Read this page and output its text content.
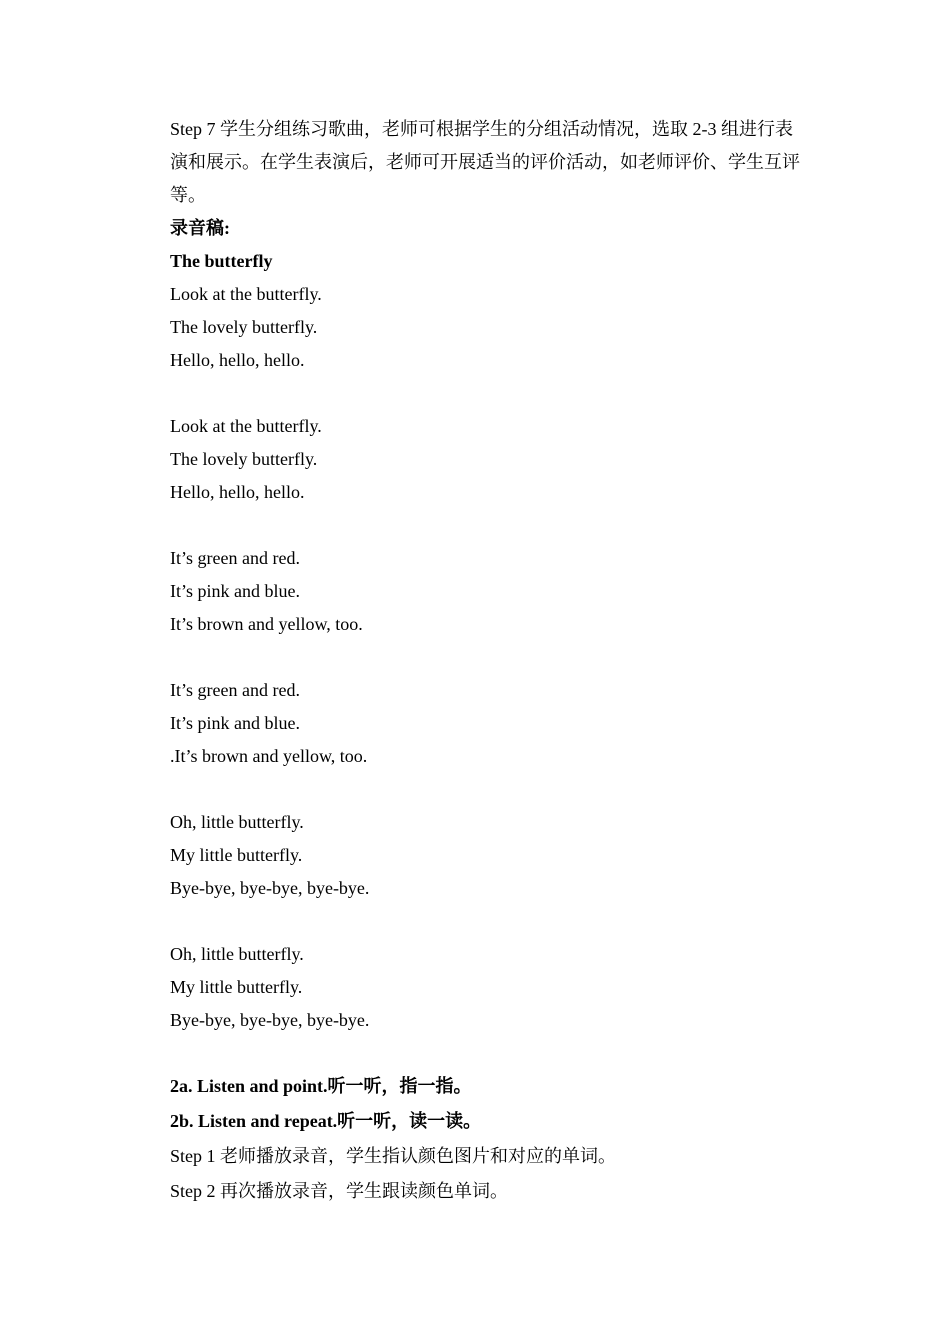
Step 7 学生分组练习歌曲，老师可根据学生的分组活动情况，选取 2-3 组进行表演和展示。在学生表演后，老师可开展适当的评价活动，如老师评价、学生互评等。
录音稿:
The butterfly
Look at the butterfly.
The lovely butterfly.
Hello, hello, hello.
Look at the butterfly.
The lovely butterfly.
Hello, hello, hello.
It’s green and red.
It’s pink and blue.
It’s brown and yellow, too.
It’s green and red.
It’s pink and blue.
.It’s brown and yellow, too.
Oh, little butterfly.
My little butterfly.
Bye-bye, bye-bye, bye-bye.
Oh, little butterfly.
My little butterfly.
Bye-bye, bye-bye, bye-bye.
2a. Listen and point.听一听，指一指。
2b. Listen and repeat.听一听，读一读。
Step 1 老师播放录音，学生指认颜色图片和对应的单词。
Step 2 再次播放录音，学生跟读颜色单词。
